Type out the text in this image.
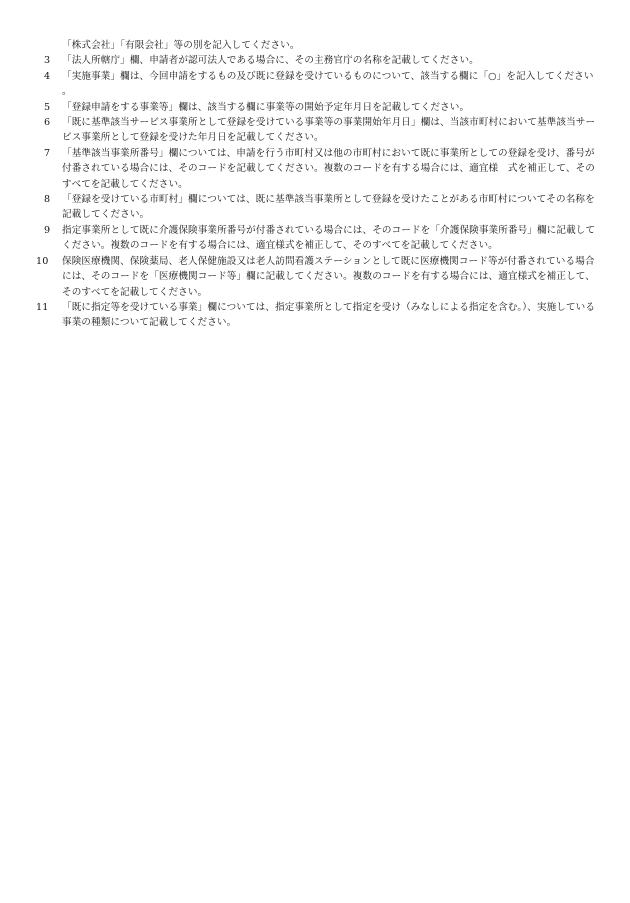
「株式会社」「有限会社」等の別を記入してください。
3	「法人所轄庁」欄、申請者が認可法人である場合に、その主務官庁の名称を記載してください。
4	「実施事業」欄は、今回申請をするもの及び既に登録を受けているものについて、該当する欄に「○」を記入してください。
5	「登録申請をする事業等」欄は、該当する欄に事業等の開始予定年月日を記載してください。
6	「既に基準該当サービス事業所として登録を受けている事業等の事業開始年月日」欄は、当該市町村において基準該当サービス事業所として登録を受けた年月日を記載してください。
7	「基準該当事業所番号」欄については、申請を行う市町村又は他の市町村において既に事業所としての登録を受け、番号が付番されている場合には、そのコードを記載してください。複数のコードを有する場合には、適宜様　式を補正して、そのすべてを記載してください。
8	「登録を受けている市町村」欄については、既に基準該当事業所として登録を受けたことがある市町村についてその名称を記載してください。
9	指定事業所として既に介護保険事業所番号が付番されている場合には、そのコードを「介護保険事業所番号」欄に記載してください。複数のコードを有する場合には、適宜様式を補正して、そのすべてを記載してください。
10	保険医療機関、保険薬局、老人保健施設又は老人訪問看護ステーションとして既に医療機関コード等が付番されている場合には、そのコードを「医療機関コード等」欄に記載してください。複数のコードを有する場合には、適宜様式を補正して、そのすべてを記載してください。
11	「既に指定等を受けている事業」欄については、指定事業所として指定を受け（みなしによる指定を含む。）、実施している事業の種類について記載してください。
